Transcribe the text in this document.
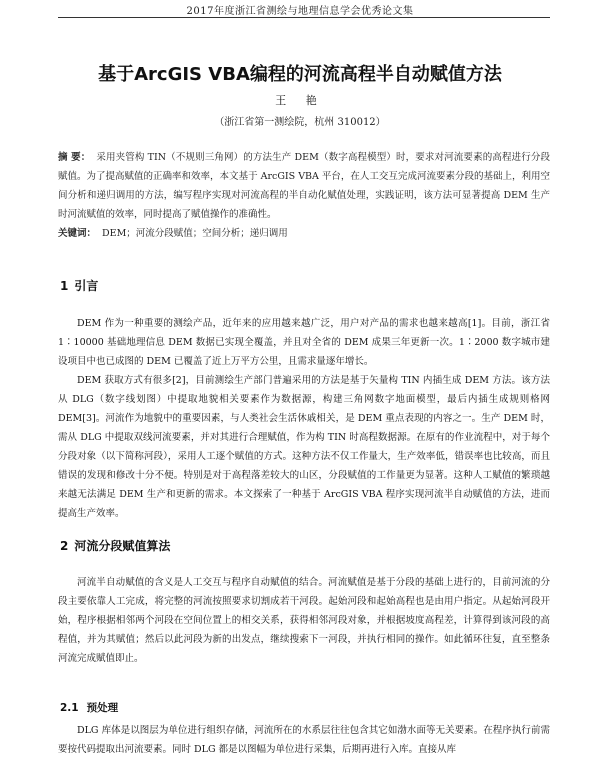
2017年度浙江省测绘与地理信息学会优秀论文集
基于ArcGIS VBA编程的河流高程半自动赋值方法
王 艳
（浙江省第一测绘院，杭州 310012）
摘 要： 采用夹管构 TIN（不规则三角网）的方法生产 DEM（数字高程模型）时，要求对河流要素的高程进行分段赋值。为了提高赋值的正确率和效率，本文基于 ArcGIS VBA 平台，在人工交互完成河流要素分段的基础上，利用空间分析和递归调用的方法，编写程序实现对河流高程的半自动化赋值处理，实践证明，该方法可显著提高 DEM 生产时河流赋值的效率，同时提高了赋值操作的准确性。
关键词： DEM；河流分段赋值；空间分析；递归调用
1 引言
DEM 作为一种重要的测绘产品，近年来的应用越来越广泛，用户对产品的需求也越来越高[1]。目前，浙江省 1∶10000 基础地理信息 DEM 数据已实现全覆盖，并且对全省的 DEM 成果三年更新一次。1∶2000 数字城市建设项目中也已成图的 DEM 已覆盖了近上万平方公里，且需求量逐年增长。
DEM 获取方式有很多[2]，目前测绘生产部门普遍采用的方法是基于矢量构 TIN 内插生成 DEM 方法。该方法从 DLG（数字线划图）中提取地貌相关要素作为数据源，构建三角网数字地面模型，最后内插生成规则格网 DEM[3]。河流作为地貌中的重要因素，与人类社会生活休戚相关，是 DEM 重点表现的内容之一。生产 DEM 时，需从 DLG 中提取双线河流要素，并对其进行合理赋值，作为构 TIN 时高程数据源。在原有的作业流程中，对于每个分段对象（以下简称河段），采用人工逐个赋值的方式。这种方法不仅工作量大，生产效率低，错误率也比较高，而且错误的发现和修改十分不便。特别是对于高程落差较大的山区，分段赋值的工作量更为显著。这种人工赋值的繁琐越来越无法满足 DEM 生产和更新的需求。本文探索了一种基于 ArcGIS VBA 程序实现河流半自动赋值的方法，进而提高生产效率。
2 河流分段赋值算法
河流半自动赋值的含义是人工交互与程序自动赋值的结合。河流赋值是基于分段的基础上进行的，目前河流的分段主要依靠人工完成，将完整的河流按照要求切割成若干河段。起始河段和起始高程也是由用户指定。从起始河段开始，程序根据相邻两个河段在空间位置上的相交关系，获得相邻河段对象，并根据坡度高程差，计算得到该河段的高程值，并为其赋值；然后以此河段为新的出发点，继续搜索下一河段，并执行相同的操作。如此循环往复，直至整条河流完成赋值即止。
2.1 预处理
DLG 库体是以图层为单位进行组织存储，河流所在的水系层往往包含其它如渤水面等无关要素。在程序执行前需要按代码提取出河流要素。同时 DLG 都是以图幅为单位进行采集，后期再进行入库。直接从库
